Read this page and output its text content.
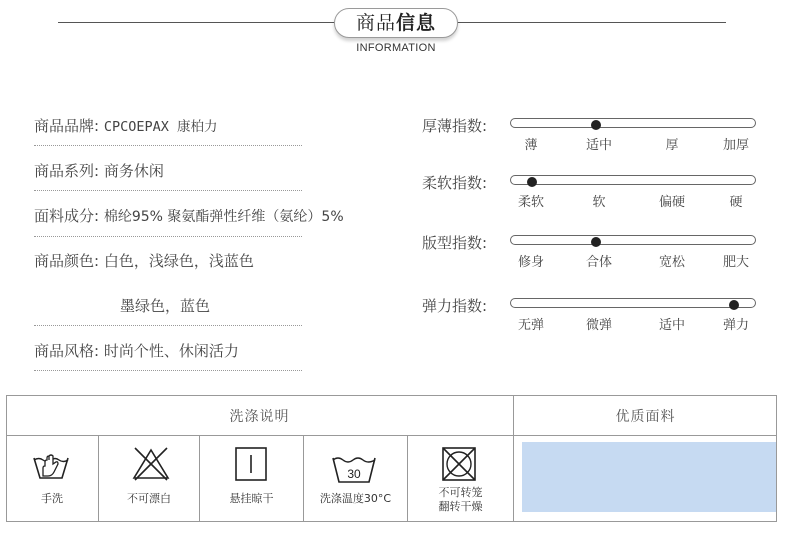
商品信息
INFORMATION
商品品牌: CPCOEPAX 康柏力
商品系列: 商务休闲
面料成分: 棉纶95% 聚氨酯弹性纤维（氨纶）5%
商品颜色: 白色，浅绿色，浅蓝色
墨绿色，蓝色
商品风格: 时尚个性、休闲活力
厚薄指数:
薄	适中	厚	加厚
柔软指数:
柔软	软	偏硬	硬
版型指数:
修身	合体	宽松	肥大
弹力指数:
无弹	微弹	适中	弹力
洗涤说明	优质面料
手洗	不可漂白	悬挂晾干
30
洗涤温度30°C	不可转笼
翻转干燥
